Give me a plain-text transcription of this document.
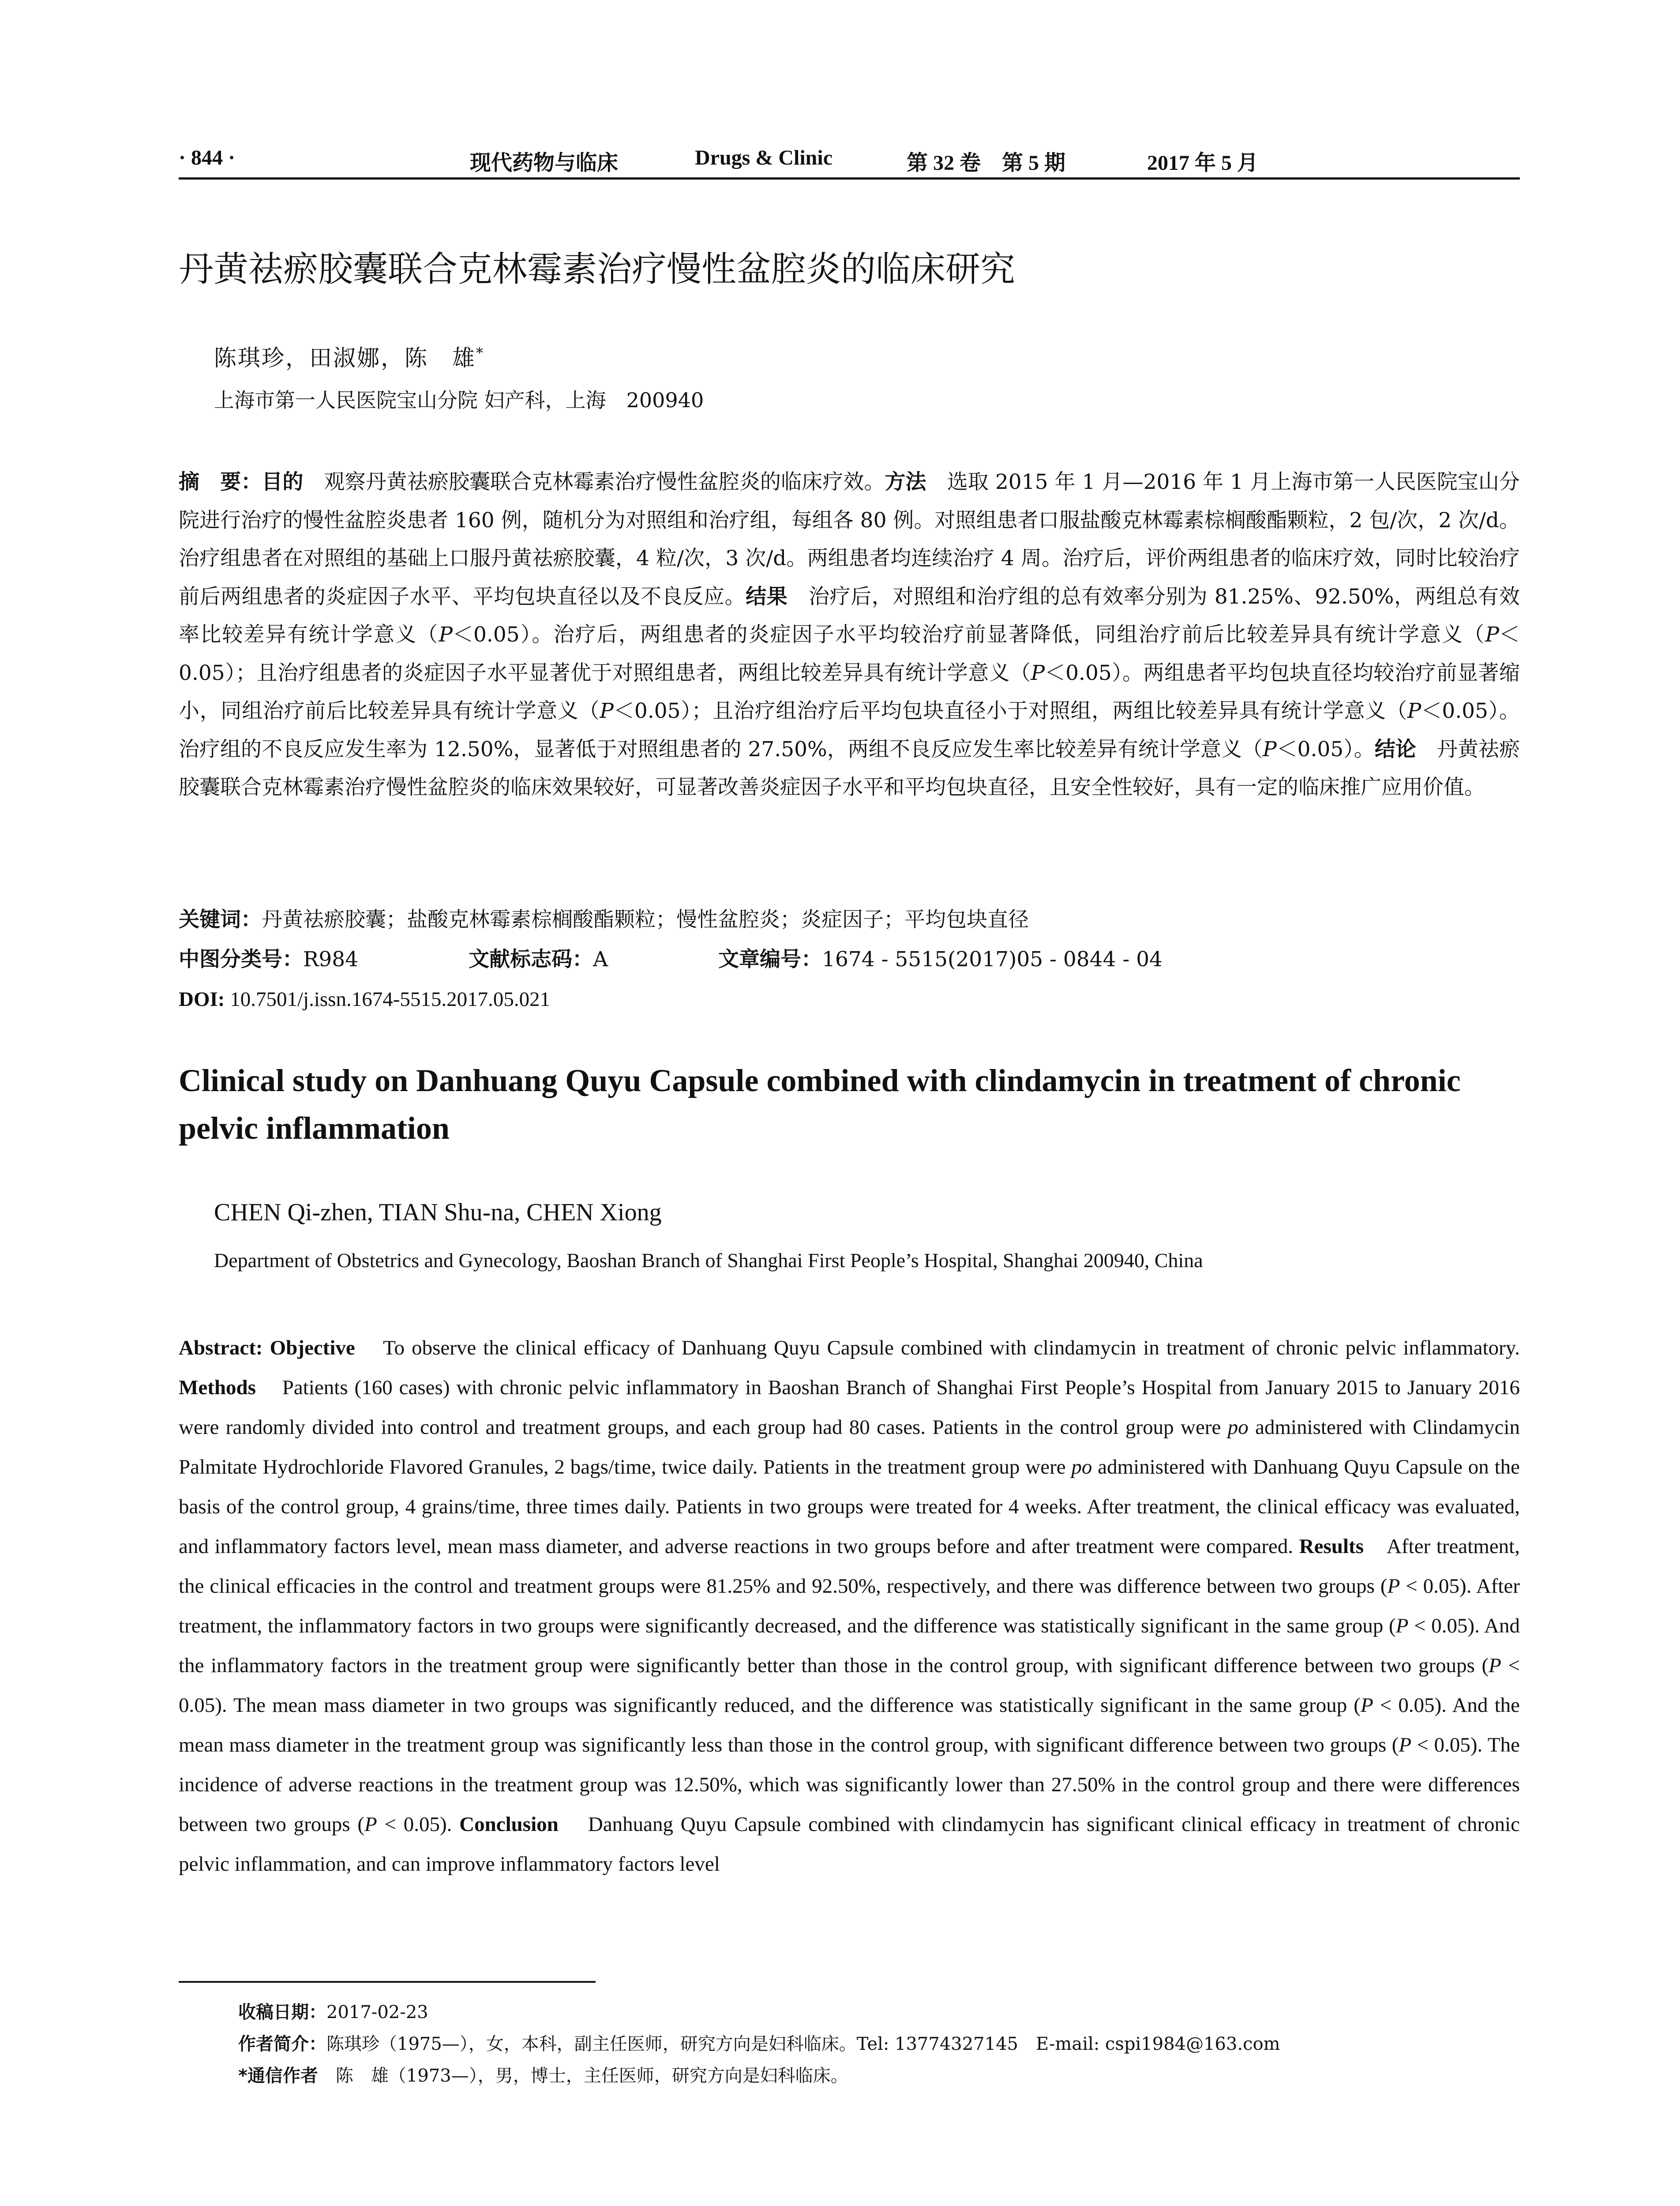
· 844 ·	现代药物与临床	Drugs & Clinic	第 32 卷　第 5 期	2017 年 5 月
丹黄祛瘀胶囊联合克林霉素治疗慢性盆腔炎的临床研究
陈琪珍，田淑娜，陈　雄*
上海市第一人民医院宝山分院 妇产科，上海　200940
摘　要：目的　 观察丹黄祛瘀胶囊联合克林霉素治疗慢性盆腔炎的临床疗效。方法　 选取 2015 年 1 月—2016 年 1 月上海市第一人民医院宝山分院进行治疗的慢性盆腔炎患者 160 例，随机分为对照组和治疗组，每组各 80 例。对照组患者口服盐酸克林霉素棕榈酸酯颗粒，2 包/次，2 次/d。治疗组患者在对照组的基础上口服丹黄祛瘀胶囊，4 粒/次，3 次/d。两组患者均连续治疗 4 周。治疗后，评价两组患者的临床疗效，同时比较治疗前后两组患者的炎症因子水平、平均包块直径以及不良反应。结果　 治疗后，对照组和治疗组的总有效率分别为 81.25%、92.50%，两组总有效率比较差异有统计学意义（P＜0.05）。治疗后，两组患者的炎症因子水平均较治疗前显著降低，同组治疗前后比较差异具有统计学意义（P＜0.05）；且治疗组患者的炎症因子水平显著优于对照组患者，两组比较差异具有统计学意义（P＜0.05）。两组患者平均包块直径均较治疗前显著缩小，同组治疗前后比较差异具有统计学意义（P＜0.05）；且治疗组治疗后平均包块直径小于对照组，两组比较差异具有统计学意义（P＜0.05）。治疗组的不良反应发生率为 12.50%，显著低于对照组患者的 27.50%，两组不良反应发生率比较差异有统计学意义（P＜0.05）。结论　 丹黄祛瘀胶囊联合克林霉素治疗慢性盆腔炎的临床效果较好，可显著改善炎症因子水平和平均包块直径，且安全性较好，具有一定的临床推广应用价值。
关键词：丹黄祛瘀胶囊；盐酸克林霉素棕榈酸酯颗粒；慢性盆腔炎；炎症因子；平均包块直径
中图分类号：R984	文献标志码：A	文章编号：1674 - 5515(2017)05 - 0844 - 04
DOI: 10.7501/j.issn.1674-5515.2017.05.021
Clinical study on Danhuang Quyu Capsule combined with clindamycin in treatment of chronic pelvic inflammation
CHEN Qi-zhen, TIAN Shu-na, CHEN Xiong
Department of Obstetrics and Gynecology, Baoshan Branch of Shanghai First People’s Hospital, Shanghai 200940, China
Abstract: Objective To observe the clinical efficacy of Danhuang Quyu Capsule combined with clindamycin in treatment of chronic pelvic inflammatory. Methods Patients (160 cases) with chronic pelvic inflammatory in Baoshan Branch of Shanghai First People’s Hospital from January 2015 to January 2016 were randomly divided into control and treatment groups, and each group had 80 cases. Patients in the control group were po administered with Clindamycin Palmitate Hydrochloride Flavored Granules, 2 bags/time, twice daily. Patients in the treatment group were po administered with Danhuang Quyu Capsule on the basis of the control group, 4 grains/time, three times daily. Patients in two groups were treated for 4 weeks. After treatment, the clinical efficacy was evaluated, and inflammatory factors level, mean mass diameter, and adverse reactions in two groups before and after treatment were compared. Results After treatment, the clinical efficacies in the control and treatment groups were 81.25% and 92.50%, respectively, and there was difference between two groups (P < 0.05). After treatment, the inflammatory factors in two groups were significantly decreased, and the difference was statistically significant in the same group (P < 0.05). And the inflammatory factors in the treatment group were significantly better than those in the control group, with significant difference between two groups (P < 0.05). The mean mass diameter in two groups was significantly reduced, and the difference was statistically significant in the same group (P < 0.05). And the mean mass diameter in the treatment group was significantly less than those in the control group, with significant difference between two groups (P < 0.05). The incidence of adverse reactions in the treatment group was 12.50%, which was significantly lower than 27.50% in the control group and there were differences between two groups (P < 0.05). Conclusion Danhuang Quyu Capsule combined with clindamycin has significant clinical efficacy in treatment of chronic pelvic inflammation, and can improve inflammatory factors level
收稿日期：2017-02-23
作者简介：陈琪珍（1975—），女，本科，副主任医师，研究方向是妇科临床。Tel: 13774327145　E-mail: cspi1984@163.com
*通信作者　陈　雄（1973—），男，博士，主任医师，研究方向是妇科临床。
